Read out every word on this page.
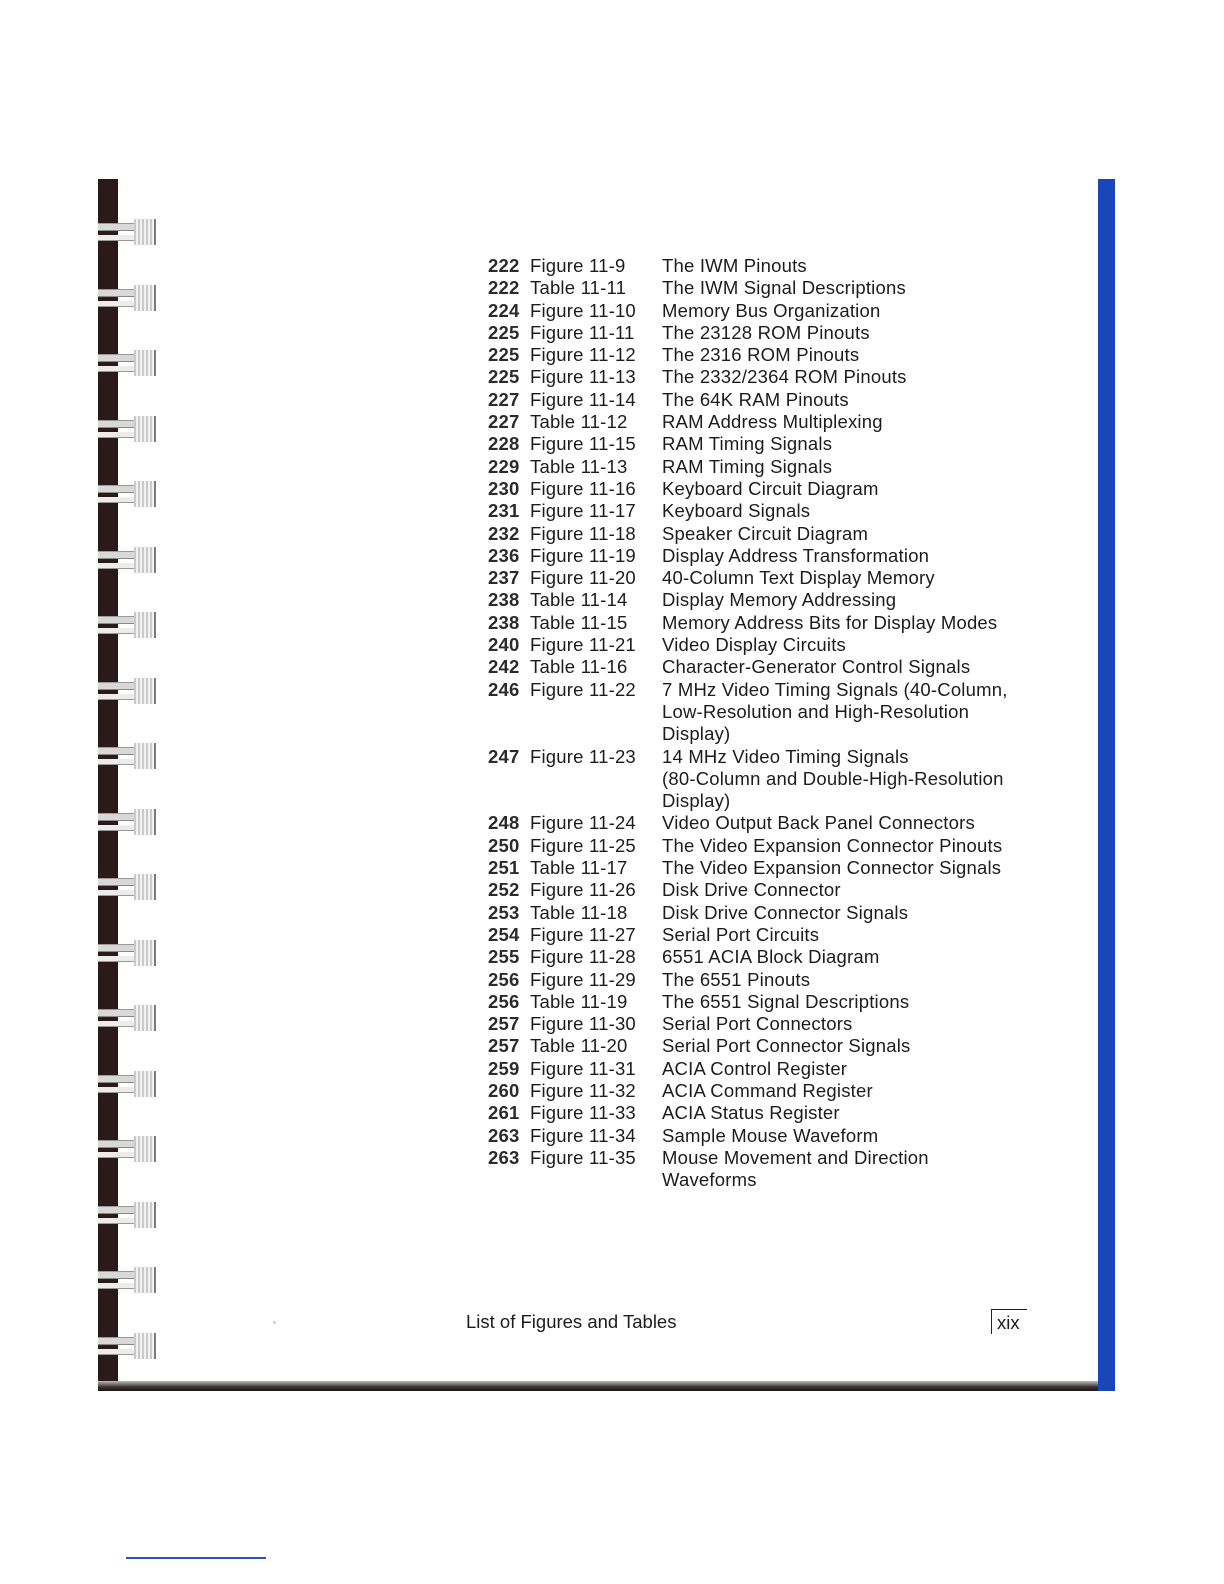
222 Figure 11-9	The IWM Pinouts
222 Table 11-11	The IWM Signal Descriptions
224 Figure 11-10	Memory Bus Organization
225 Figure 11-11	The 23128 ROM Pinouts
225 Figure 11-12	The 2316 ROM Pinouts
225 Figure 11-13	The 2332/2364 ROM Pinouts
227 Figure 11-14	The 64K RAM Pinouts
227 Table 11-12	RAM Address Multiplexing
228 Figure 11-15	RAM Timing Signals
229 Table 11-13	RAM Timing Signals
230 Figure 11-16	Keyboard Circuit Diagram
231 Figure 11-17	Keyboard Signals
232 Figure 11-18	Speaker Circuit Diagram
236 Figure 11-19	Display Address Transformation
237 Figure 11-20	40-Column Text Display Memory
238 Table 11-14	Display Memory Addressing
238 Table 11-15	Memory Address Bits for Display Modes
240 Figure 11-21	Video Display Circuits
242 Table 11-16	Character-Generator Control Signals
246 Figure 11-22	7 MHz Video Timing Signals (40-Column,
Low-Resolution and High-Resolution
Display)
247 Figure 11-23	14 MHz Video Timing Signals
(80-Column and Double-High-Resolution
Display)
248 Figure 11-24	Video Output Back Panel Connectors
250 Figure 11-25	The Video Expansion Connector Pinouts
251 Table 11-17	The Video Expansion Connector Signals
252 Figure 11-26	Disk Drive Connector
253 Table 11-18	Disk Drive Connector Signals
254 Figure 11-27	Serial Port Circuits
255 Figure 11-28	6551 ACIA Block Diagram
256 Figure 11-29	The 6551 Pinouts
256 Table 11-19	The 6551 Signal Descriptions
257 Figure 11-30	Serial Port Connectors
257 Table 11-20	Serial Port Connector Signals
259 Figure 11-31	ACIA Control Register
260 Figure 11-32	ACIA Command Register
261 Figure 11-33	ACIA Status Register
263 Figure 11-34	Sample Mouse Waveform
263 Figure 11-35	Mouse Movement and Direction
Waveforms
List of Figures and Tables	xix
